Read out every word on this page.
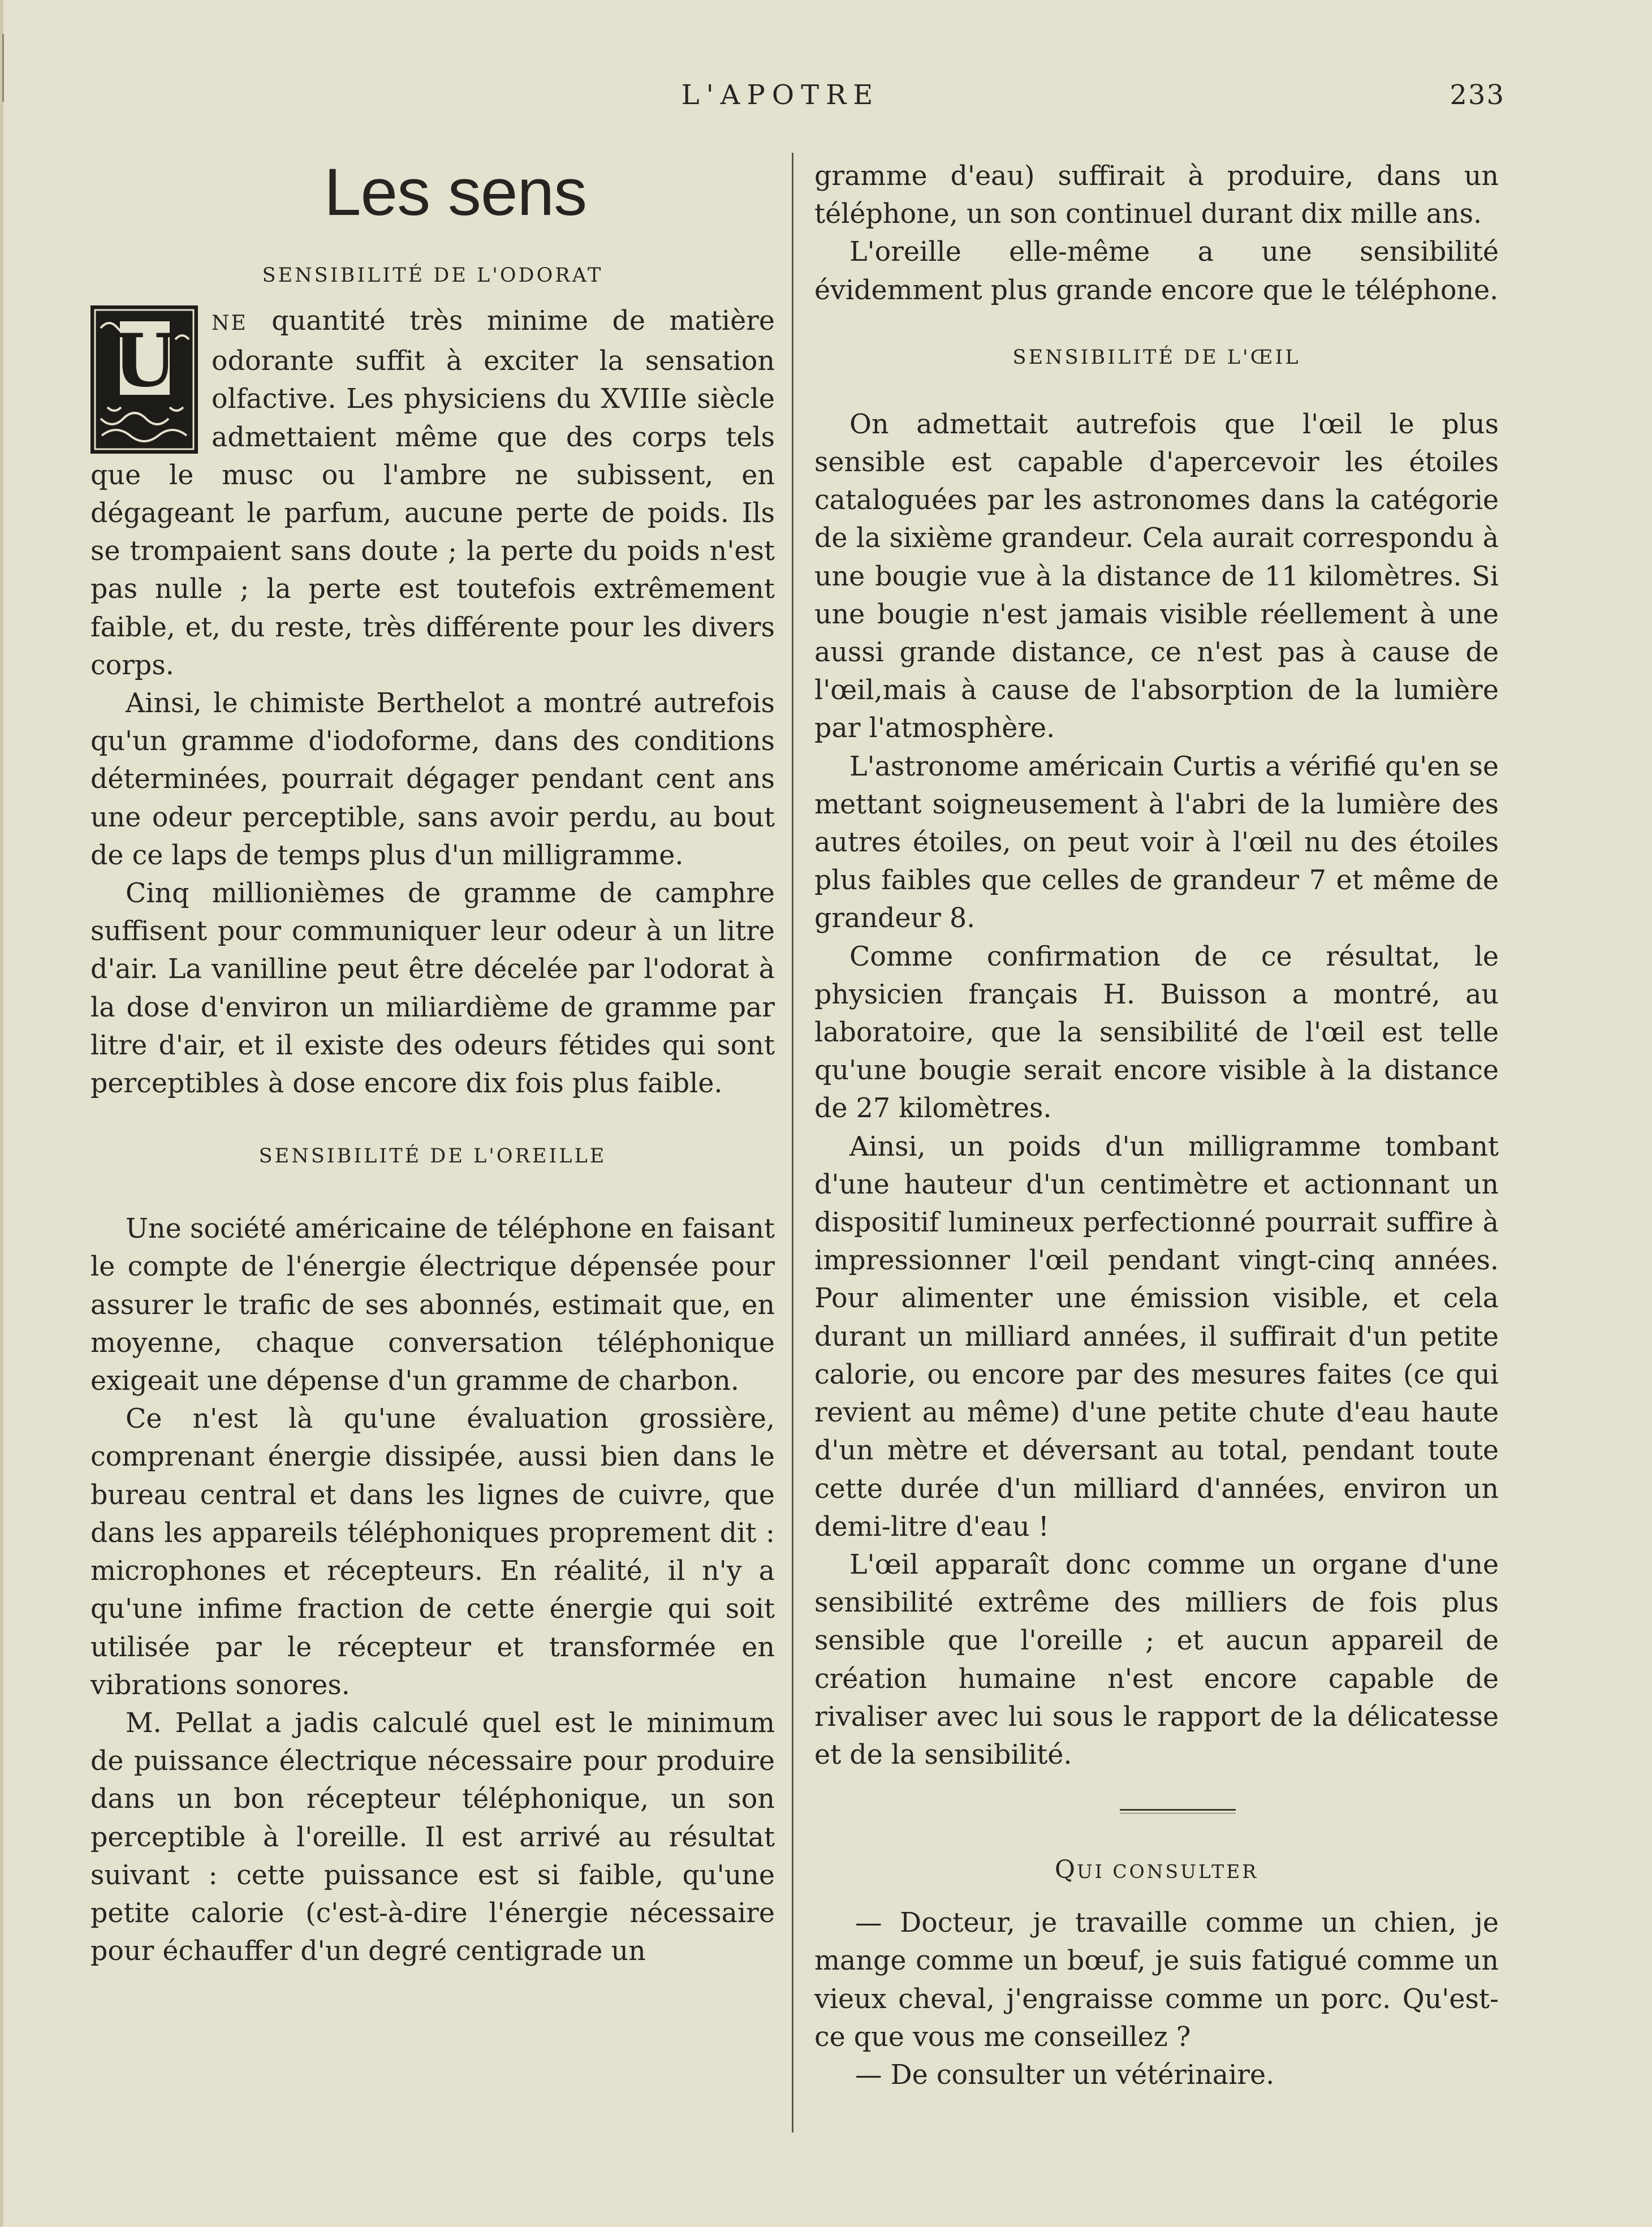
L'APOTRE	233
Les sens
SENSIBILITÉ DE L'ODORAT
U	NE quantité très minime de matière odorante suffit à exciter la sensation olfactive. Les physiciens du XVIIIe siècle admettaient même que des corps tels que le musc ou l'ambre ne subissent, en dégageant le parfum, aucune perte de poids. Ils se trompaient sans doute ; la perte du poids n'est pas nulle ; la perte est toutefois extrêmement faible, et, du reste, très différente pour les divers corps.

Ainsi, le chimiste Berthelot a montré autrefois qu'un gramme d'iodoforme, dans des conditions déterminées, pourrait dégager pendant cent ans une odeur perceptible, sans avoir perdu, au bout de ce laps de temps plus d'un milligramme.

Cinq millionièmes de gramme de camphre suffisent pour communiquer leur odeur à un litre d'air. La vanilline peut être décelée par l'odorat à la dose d'environ un miliardième de gramme par litre d'air, et il existe des odeurs fétides qui sont perceptibles à dose encore dix fois plus faible.

SENSIBILITÉ DE L'OREILLE

Une société américaine de téléphone en faisant le compte de l'énergie électrique dépensée pour assurer le trafic de ses abonnés, estimait que, en moyenne, chaque conversation téléphonique exigeait une dépense d'un gramme de charbon.

Ce n'est là qu'une évaluation grossière, comprenant énergie dissipée, aussi bien dans le bureau central et dans les lignes de cuivre, que dans les appareils téléphoniques proprement dit : microphones et récepteurs. En réalité, il n'y a qu'une infime fraction de cette énergie qui soit utilisée par le récepteur et transformée en vibrations sonores.

M. Pellat a jadis calculé quel est le minimum de puissance électrique nécessaire pour produire dans un bon récepteur téléphonique, un son perceptible à l'oreille. Il est arrivé au résultat suivant : cette puissance est si faible, qu'une petite calorie (c'est-à-dire l'énergie nécessaire pour échauffer d'un degré centigrade un

gramme d'eau) suffirait à produire, dans un téléphone, un son continuel durant dix mille ans.

L'oreille elle-même a une sensibilité évidemment plus grande encore que le téléphone.

SENSIBILITÉ DE L'ŒIL

On admettait autrefois que l'œil le plus sensible est capable d'apercevoir les étoiles cataloguées par les astronomes dans la catégorie de la sixième grandeur. Cela aurait correspondu à une bougie vue à la distance de 11 kilomètres. Si une bougie n'est jamais visible réellement à une aussi grande distance, ce n'est pas à cause de l'œil,mais à cause de l'absorption de la lumière par l'atmosphère.

L'astronome américain Curtis a vérifié qu'en se mettant soigneusement à l'abri de la lumière des autres étoiles, on peut voir à l'œil nu des étoiles plus faibles que celles de grandeur 7 et même de grandeur 8.

Comme confirmation de ce résultat, le physicien français H. Buisson a montré, au laboratoire, que la sensibilité de l'œil est telle qu'une bougie serait encore visible à la distance de 27 kilomètres.

Ainsi, un poids d'un milligramme tombant d'une hauteur d'un centimètre et actionnant un dispositif lumineux perfectionné pourrait suffire à impressionner l'œil pendant vingt-cinq années. Pour alimenter une émission visible, et cela durant un milliard années, il suffirait d'un petite calorie, ou encore par des mesures faites (ce qui revient au même) d'une petite chute d'eau haute d'un mètre et déversant au total, pendant toute cette durée d'un milliard d'années, environ un demi-litre d'eau !

L'œil apparaît donc comme un organe d'une sensibilité extrême des milliers de fois plus sensible que l'oreille ; et aucun appareil de création humaine n'est encore capable de rivaliser avec lui sous le rapport de la délicatesse et de la sensibilité.

QUI CONSULTER

— Docteur, je travaille comme un chien, je mange comme un bœuf, je suis fatigué comme un vieux cheval, j'engraisse comme un porc. Qu'est-ce que vous me conseillez ?

— De consulter un vétérinaire.
